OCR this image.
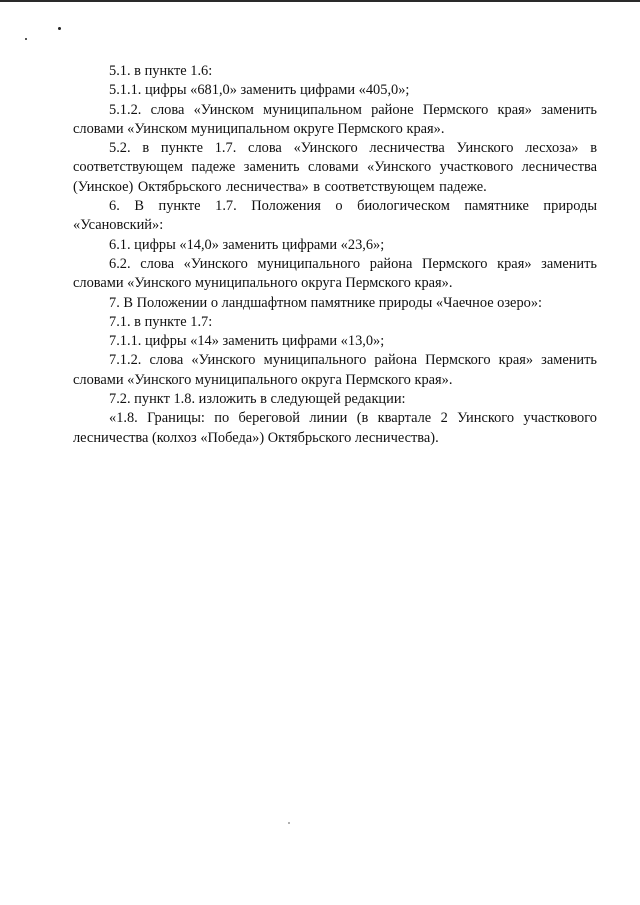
5.1. в пункте 1.6:

5.1.1. цифры «681,0» заменить цифрами «405,0»;

5.1.2. слова «Уинском муниципальном районе Пермского края» заменить словами «Уинском муниципальном округе Пермского края».

5.2. в пункте 1.7. слова «Уинского лесничества Уинского лесхоза» в соответствующем падеже заменить словами «Уинского участкового лесничества (Уинское) Октябрьского лесничества» в соответствующем падеже.

6. В пункте 1.7. Положения о биологическом памятнике природы «Усановский»:

6.1. цифры «14,0» заменить цифрами «23,6»;

6.2. слова «Уинского муниципального района Пермского края» заменить словами «Уинского муниципального округа Пермского края».

7. В Положении о ландшафтном памятнике природы «Чаечное озеро»:

7.1. в пункте 1.7:

7.1.1. цифры «14» заменить цифрами «13,0»;

7.1.2. слова «Уинского муниципального района Пермского края» заменить словами «Уинского муниципального округа Пермского края».

7.2. пункт 1.8. изложить в следующей редакции:

«1.8. Границы: по береговой линии (в квартале 2 Уинского участкового лесничества (колхоз «Победа») Октябрьского лесничества).
